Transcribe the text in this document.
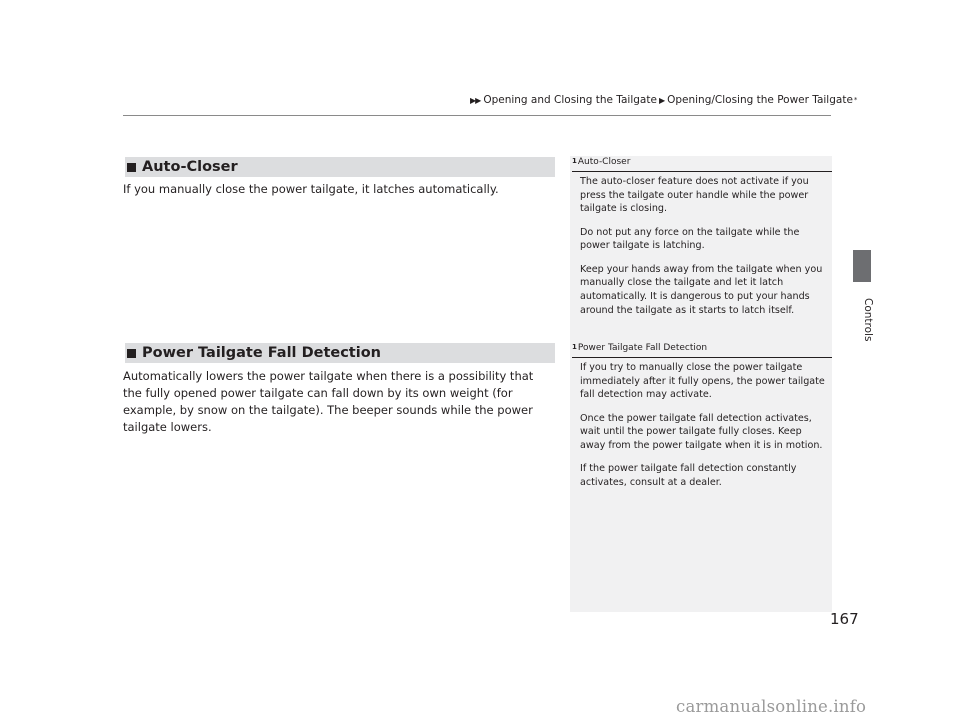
▶▶ Opening and Closing the Tailgate ▶ Opening/Closing the Power Tailgate *
Controls
Auto-Closer
If you manually close the power tailgate, it latches automatically.
Power Tailgate Fall Detection
Automatically lowers the power tailgate when there is a possibility that the fully opened power tailgate can fall down by its own weight (for example, by snow on the tailgate). The beeper sounds while the power tailgate lowers.
$^1$Auto-Closer

The auto-closer feature does not activate if you press the tailgate outer handle while the power tailgate is closing.

Do not put any force on the tailgate while the power tailgate is latching.

Keep your hands away from the tailgate when you manually close the tailgate and let it latch automatically. It is dangerous to put your hands around the tailgate as it starts to latch itself.

$^1$Power Tailgate Fall Detection

If you try to manually close the power tailgate immediately after it fully opens, the power tailgate fall detection may activate.

Once the power tailgate fall detection activates, wait until the power tailgate fully closes. Keep away from the power tailgate when it is in motion.

If the power tailgate fall detection constantly activates, consult at a dealer.

167
carmanualsonline.info
